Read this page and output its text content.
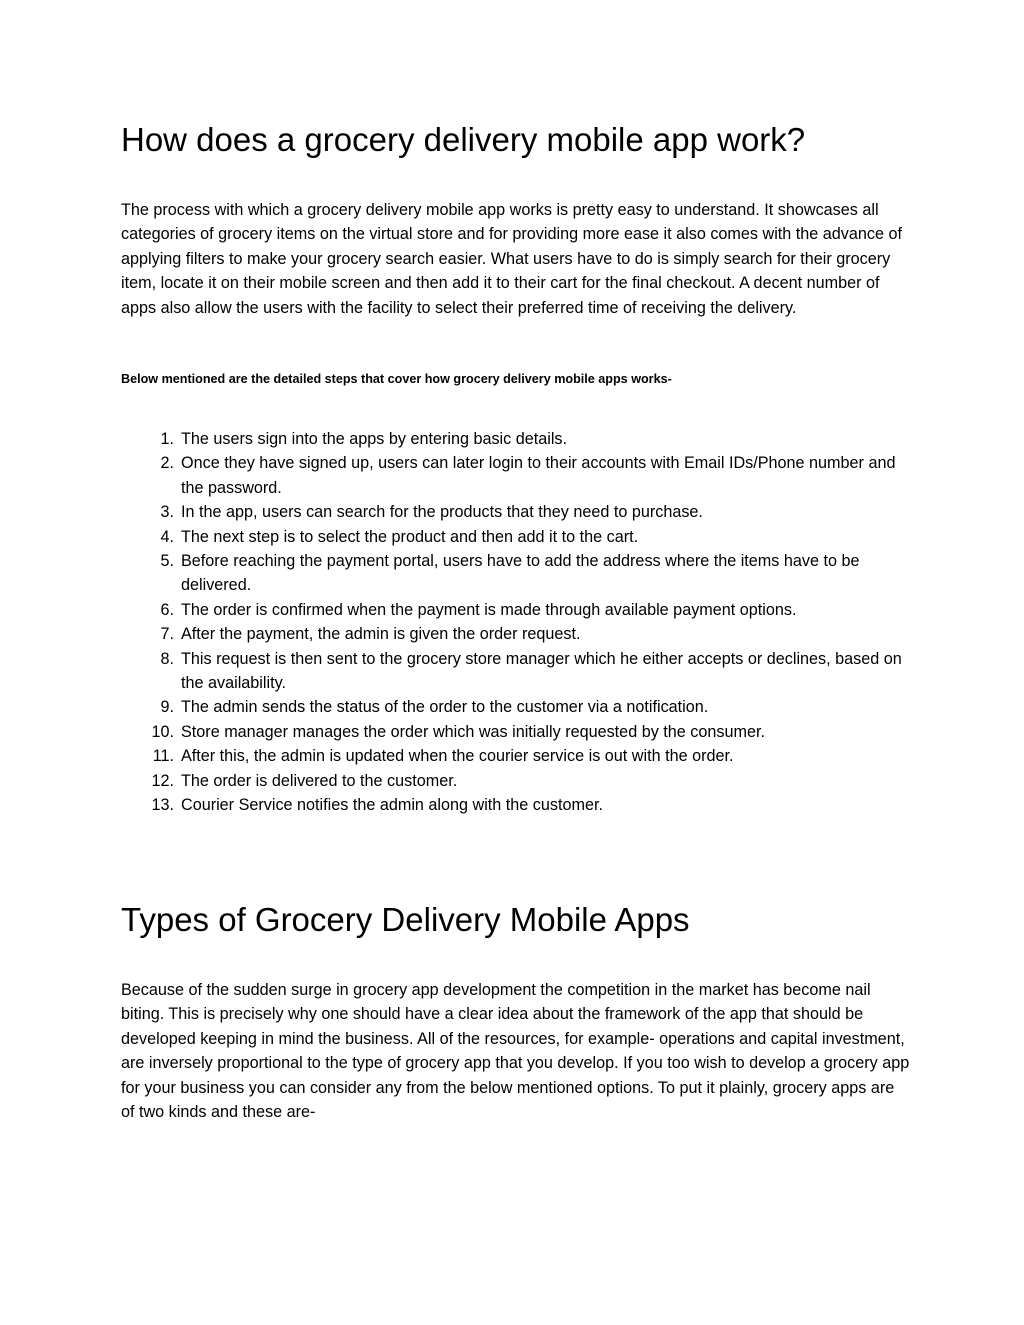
How does a grocery delivery mobile app work?

The process with which a grocery delivery mobile app works is pretty easy to understand. It showcases all categories of grocery items on the virtual store and for providing more ease it also comes with the advance of applying filters to make your grocery search easier. What users have to do is simply search for their grocery item, locate it on their mobile screen and then add it to their cart for the final checkout. A decent number of apps also allow the users with the facility to select their preferred time of receiving the delivery.

Below mentioned are the detailed steps that cover how grocery delivery mobile apps works-

1. The users sign into the apps by entering basic details.
2. Once they have signed up, users can later login to their accounts with Email IDs/Phone number and the password.
3. In the app, users can search for the products that they need to purchase.
4. The next step is to select the product and then add it to the cart.
5. Before reaching the payment portal, users have to add the address where the items have to be delivered.
6. The order is confirmed when the payment is made through available payment options.
7. After the payment, the admin is given the order request.
8. This request is then sent to the grocery store manager which he either accepts or declines, based on the availability.
9. The admin sends the status of the order to the customer via a notification.
10. Store manager manages the order which was initially requested by the consumer.
11. After this, the admin is updated when the courier service is out with the order.
12. The order is delivered to the customer.
13. Courier Service notifies the admin along with the customer.
Types of Grocery Delivery Mobile Apps

Because of the sudden surge in grocery app development the competition in the market has become nail biting. This is precisely why one should have a clear idea about the framework of the app that should be developed keeping in mind the business. All of the resources, for example- operations and capital investment, are inversely proportional to the type of grocery app that you develop. If you too wish to develop a grocery app for your business you can consider any from the below mentioned options. To put it plainly, grocery apps are of two kinds and these are-
